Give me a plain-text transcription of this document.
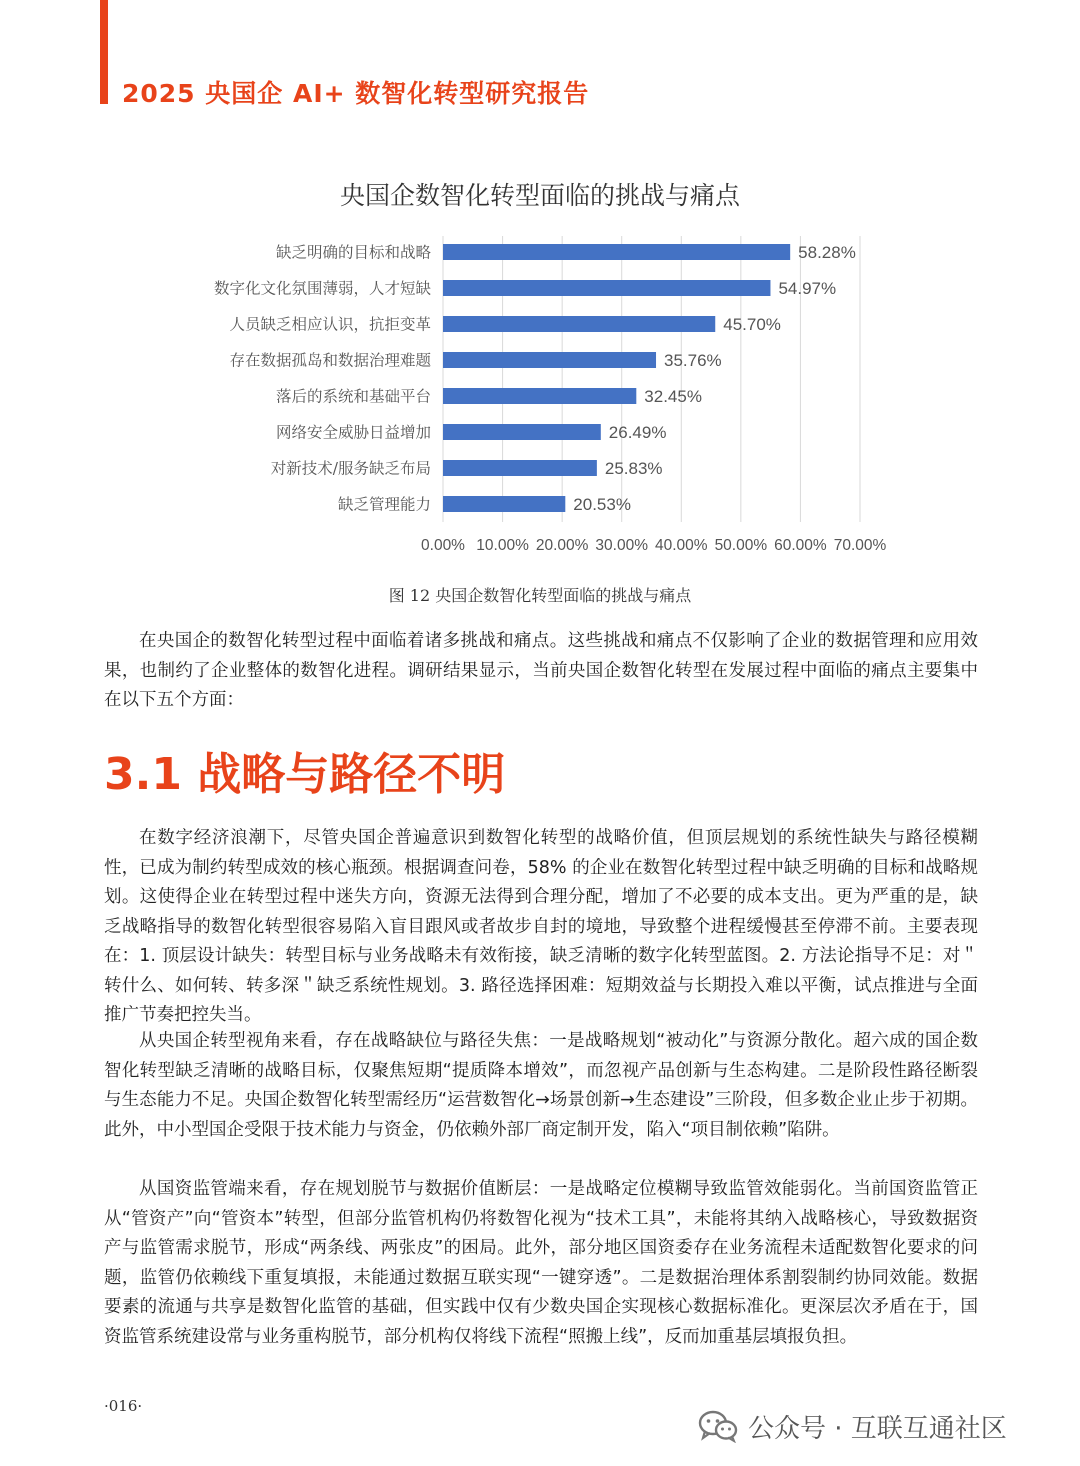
2025 央国企 AI+ 数智化转型研究报告
央国企数智化转型面临的挑战与痛点
0.00% 10.00% 20.00% 30.00% 40.00% 50.00% 60.00% 70.00%
缺乏明确的目标和战略	58.28%
数字化文化氛围薄弱，人才短缺	54.97%
人员缺乏相应认识，抗拒变革	45.70%
存在数据孤岛和数据治理难题	35.76%
落后的系统和基础平台	32.45%
网络安全威胁日益增加	26.49%
对新技术/服务缺乏布局	25.83%
缺乏管理能力	20.53%
图 12 央国企数智化转型面临的挑战与痛点

在央国企的数智化转型过程中面临着诸多挑战和痛点。这些挑战和痛点不仅影响了企业的数据管理和应用效果，也制约了企业整体的数智化进程。调研结果显示，当前央国企数智化转型在发展过程中面临的痛点主要集中在以下五个方面：

3.1 战略与路径不明

在数字经济浪潮下，尽管央国企普遍意识到数智化转型的战略价值，但顶层规划的系统性缺失与路径模糊性，已成为制约转型成效的核心瓶颈。根据调查问卷，58% 的企业在数智化转型过程中缺乏明确的目标和战略规划。这使得企业在转型过程中迷失方向，资源无法得到合理分配，增加了不必要的成本支出。更为严重的是，缺乏战略指导的数智化转型很容易陷入盲目跟风或者故步自封的境地，导致整个进程缓慢甚至停滞不前。主要表现在：1. 顶层设计缺失：转型目标与业务战略未有效衔接，缺乏清晰的数字化转型蓝图。2. 方法论指导不足：对＂转什么、如何转、转多深＂缺乏系统性规划。3. 路径选择困难：短期效益与长期投入难以平衡，试点推进与全面推广节奏把控失当。

从央国企转型视角来看，存在战略缺位与路径失焦：一是战略规划“被动化”与资源分散化。超六成的国企数智化转型缺乏清晰的战略目标，仅聚焦短期“提质降本增效”，而忽视产品创新与生态构建。二是阶段性路径断裂与生态能力不足。央国企数智化转型需经历“运营数智化→场景创新→生态建设”三阶段，但多数企业止步于初期。此外，中小型国企受限于技术能力与资金，仍依赖外部厂商定制开发，陷入“项目制依赖”陷阱。

从国资监管端来看，存在规划脱节与数据价值断层：一是战略定位模糊导致监管效能弱化。当前国资监管正从“管资产”向“管资本”转型，但部分监管机构仍将数智化视为“技术工具”，未能将其纳入战略核心，导致数据资产与监管需求脱节，形成“两条线、两张皮”的困局。此外，部分地区国资委存在业务流程未适配数智化要求的问题，监管仍依赖线下重复填报，未能通过数据互联实现“一键穿透”。二是数据治理体系割裂制约协同效能。数据要素的流通与共享是数智化监管的基础，但实践中仅有少数央国企实现核心数据标准化。更深层次矛盾在于，国资监管系统建设常与业务重构脱节，部分机构仅将线下流程“照搬上线”，反而加重基层填报负担。

·016·
公众号 · 互联互通社区
